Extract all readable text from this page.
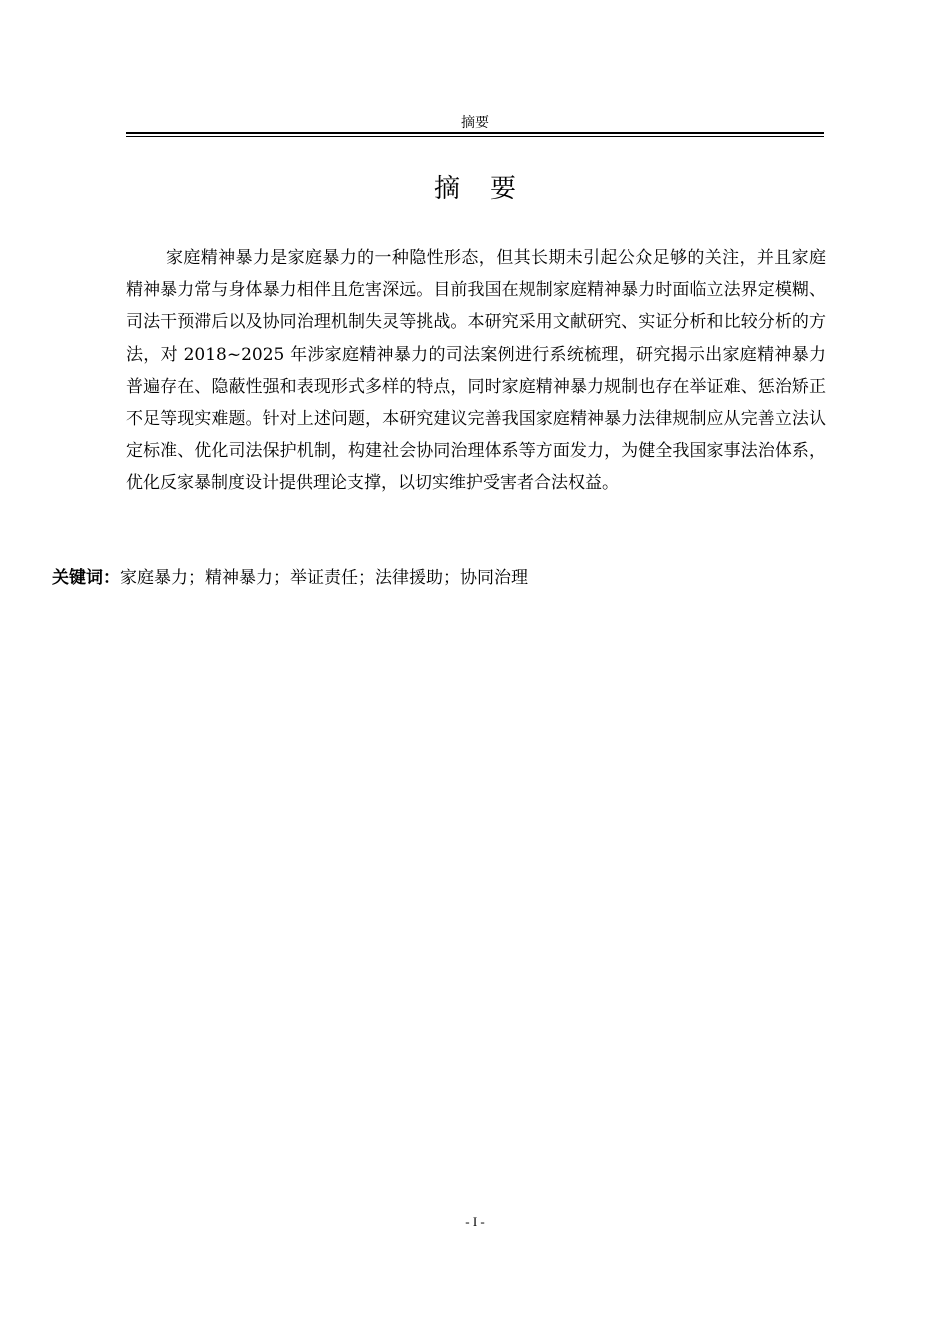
摘要
摘要

家庭精神暴力是家庭暴力的一种隐性形态，但其长期未引起公众足够的关注，并且家庭精神暴力常与身体暴力相伴且危害深远。目前我国在规制家庭精神暴力时面临立法界定模糊、司法干预滞后以及协同治理机制失灵等挑战。本研究采用文献研究、实证分析和比较分析的方法，对 2018~2025 年涉家庭精神暴力的司法案例进行系统梳理，研究揭示出家庭精神暴力普遍存在、隐蔽性强和表现形式多样的特点，同时家庭精神暴力规制也存在举证难、惩治矫正不足等现实难题。针对上述问题，本研究建议完善我国家庭精神暴力法律规制应从完善立法认定标准、优化司法保护机制，构建社会协同治理体系等方面发力，为健全我国家事法治体系，优化反家暴制度设计提供理论支撑，以切实维护受害者合法权益。

关键词：家庭暴力；精神暴力；举证责任；法律援助；协同治理
- I -
